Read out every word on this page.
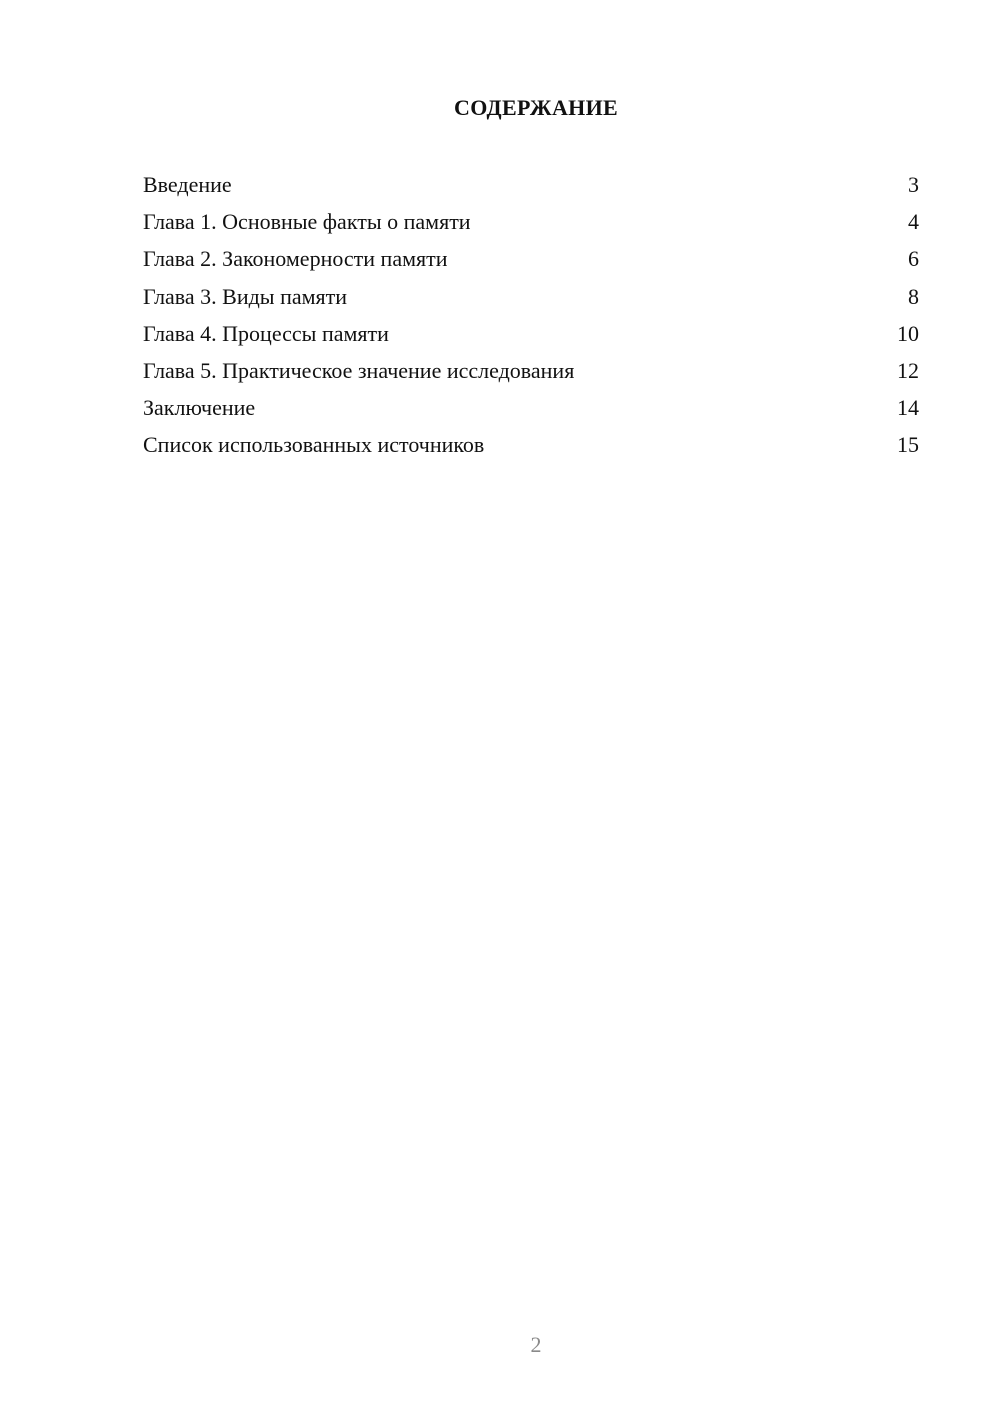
СОДЕРЖАНИЕ
Введение	3
Глава 1. Основные факты о памяти	4
Глава 2. Закономерности памяти	6
Глава 3. Виды памяти	8
Глава 4. Процессы памяти	10
Глава 5. Практическое значение исследования	12
Заключение	14
Список использованных источников	15
2
